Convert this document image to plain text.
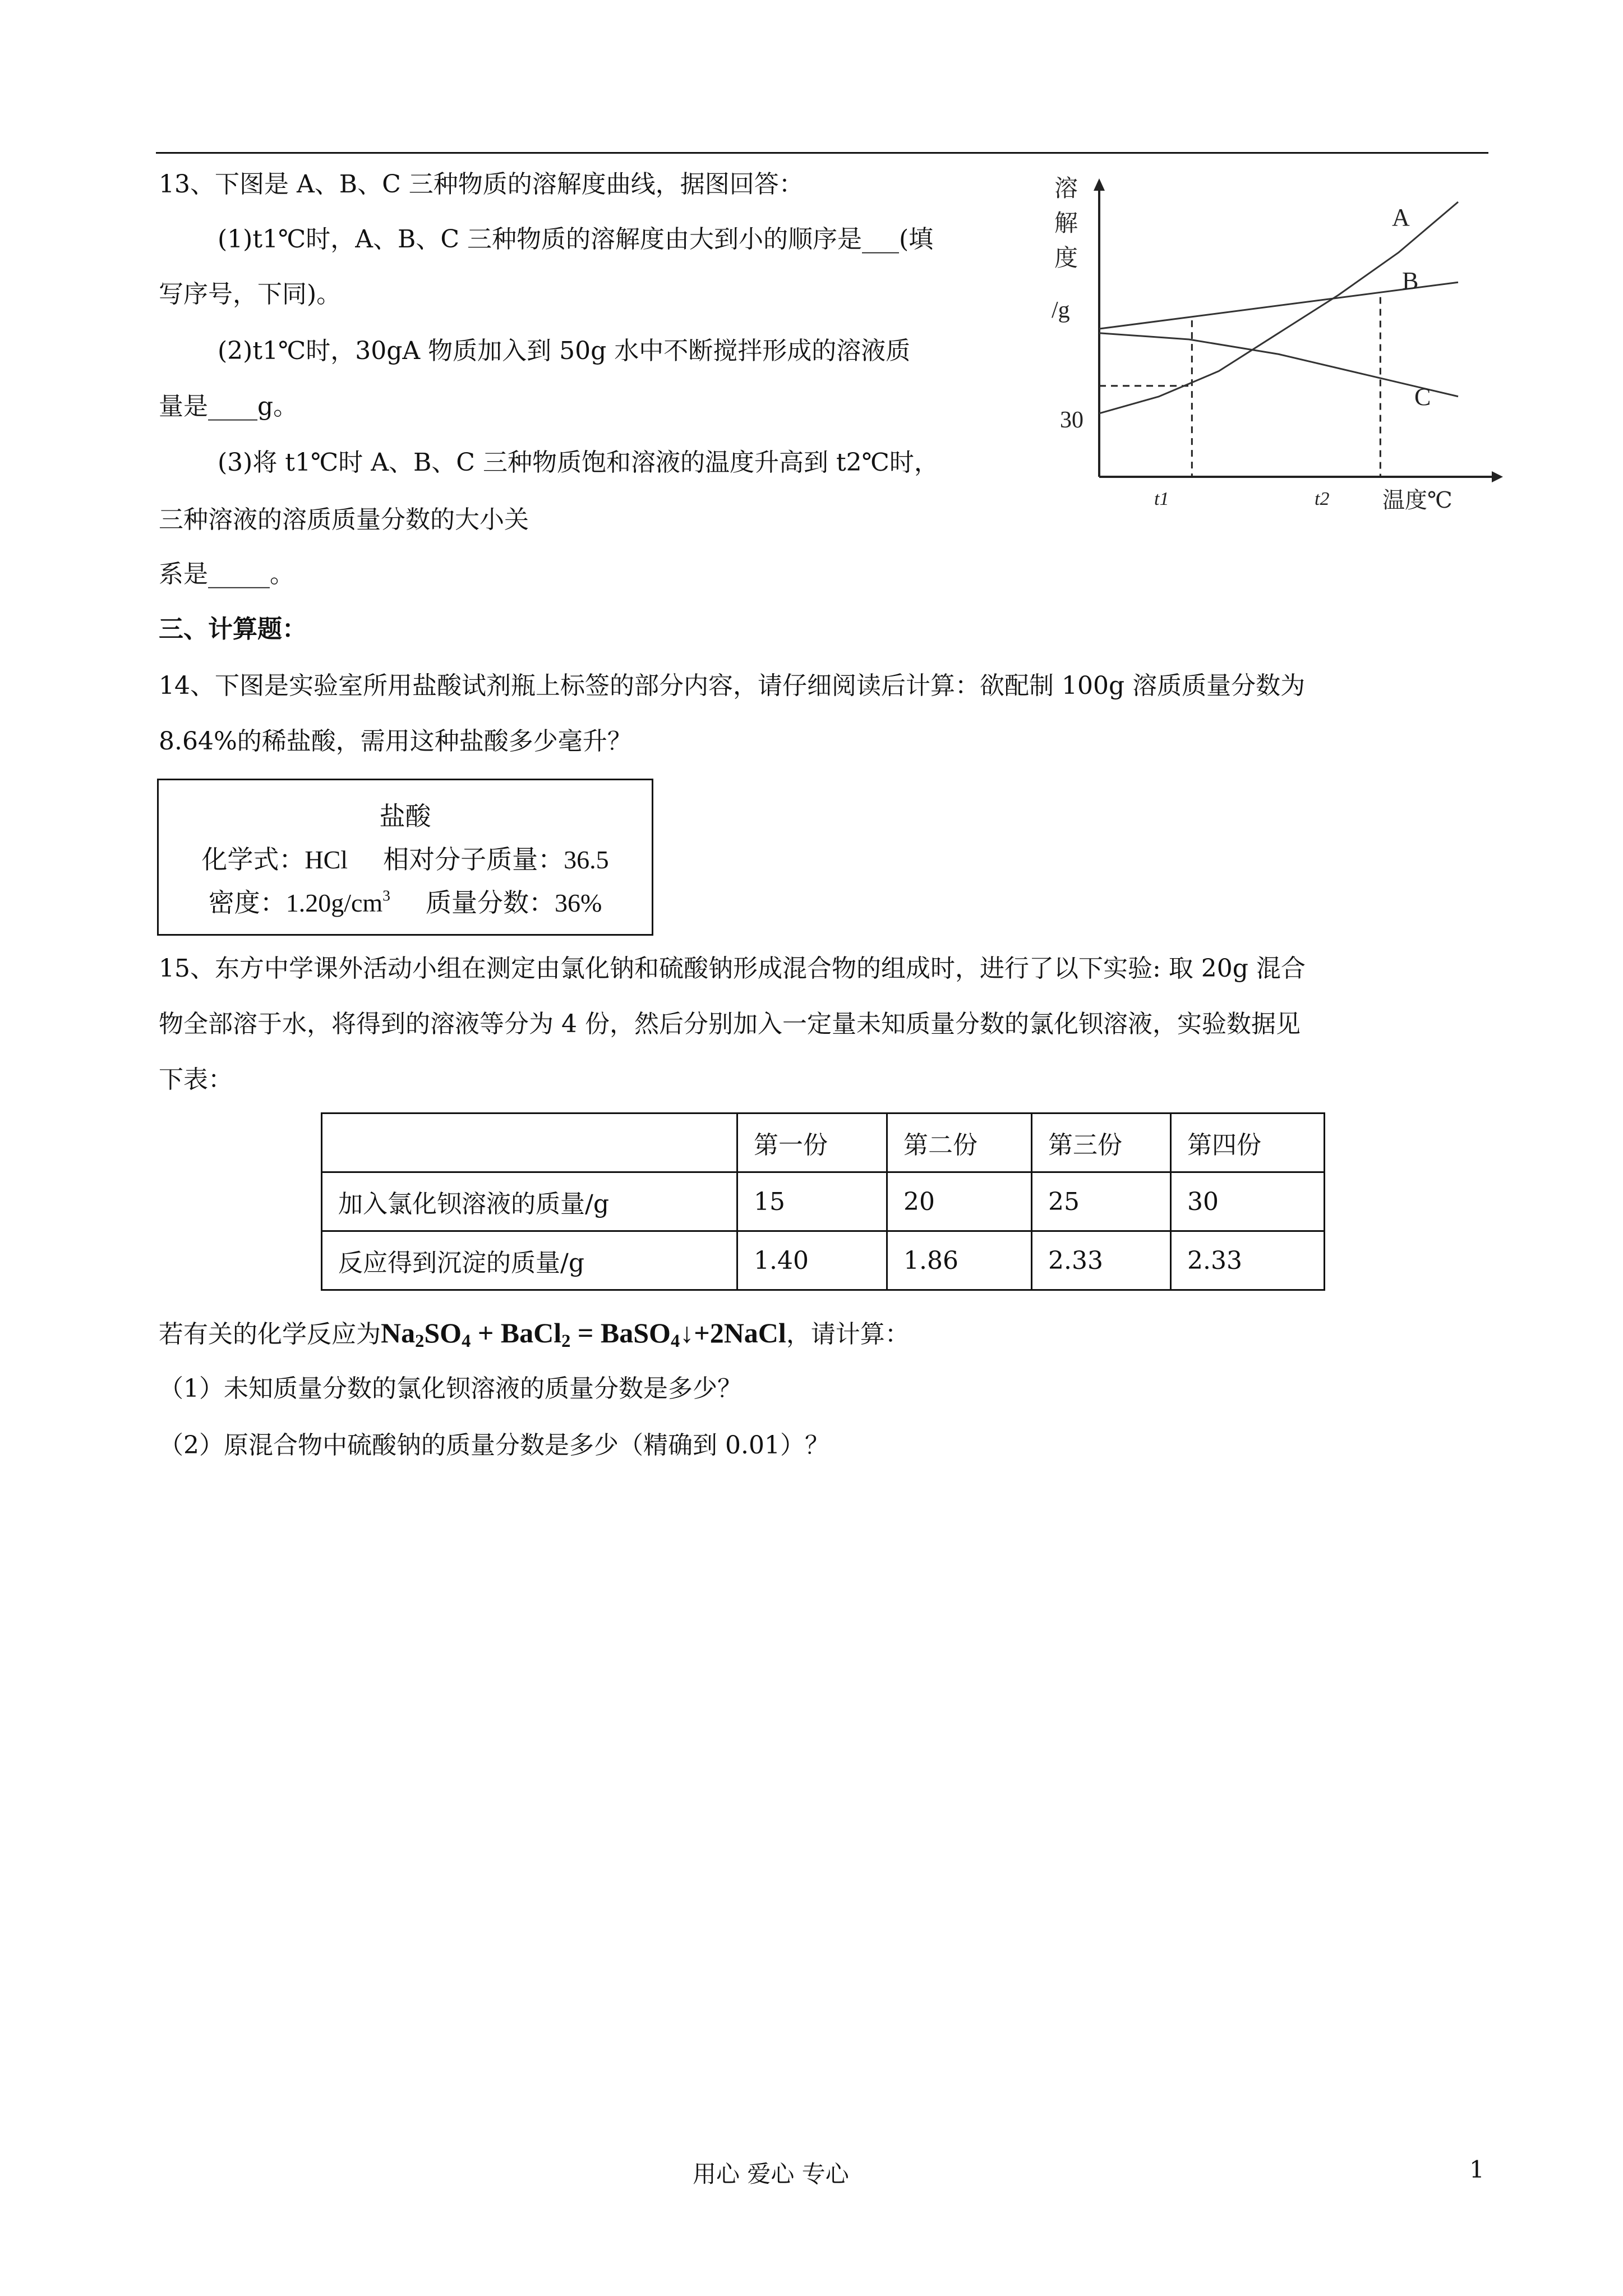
13、下图是 A、B、C 三种物质的溶解度曲线，据图回答：
(1)t1℃时，A、B、C 三种物质的溶解度由大到小的顺序是___(填
写序号，下同)。
(2)t1℃时，30gA 物质加入到 50g 水中不断搅拌形成的溶液质
量是____g。
(3)将 t1℃时 A、B、C 三种物质饱和溶液的温度升高到 t2℃时，
三种溶液的溶质质量分数的大小关
系是_____。
溶
解
度
/g
温度℃
30
t1	t2
A
B
C
三、计算题：
14、下图是实验室所用盐酸试剂瓶上标签的部分内容，请仔细阅读后计算：欲配制 100g 溶质质量分数为
8.64%的稀盐酸，需用这种盐酸多少毫升？
盐酸
化学式：HCl 相对分子质量：36.5
密度：$1.20g/cm^3$ 质量分数：36%
15、东方中学课外活动小组在测定由氯化钠和硫酸钠形成混合物的组成时，进行了以下实验: 取 20g 混合
物全部溶于水，将得到的溶液等分为 4 份，然后分别加入一定量未知质量分数的氯化钡溶液，实验数据见
下表：
	第一份	第二份	第三份	第四份
加入氯化钡溶液的质量/g	15	20	25	30
反应得到沉淀的质量/g	1.40	1.86	2.33	2.33
若有关的化学反应为$Na_2SO_4$ + BaCl$_2$ = BaSO$_4$↓+2NaCl，请计算：
（1）未知质量分数的氯化钡溶液的质量分数是多少？
（2）原混合物中硫酸钠的质量分数是多少（精确到 0.01）？
用心 爱心 专心	1
